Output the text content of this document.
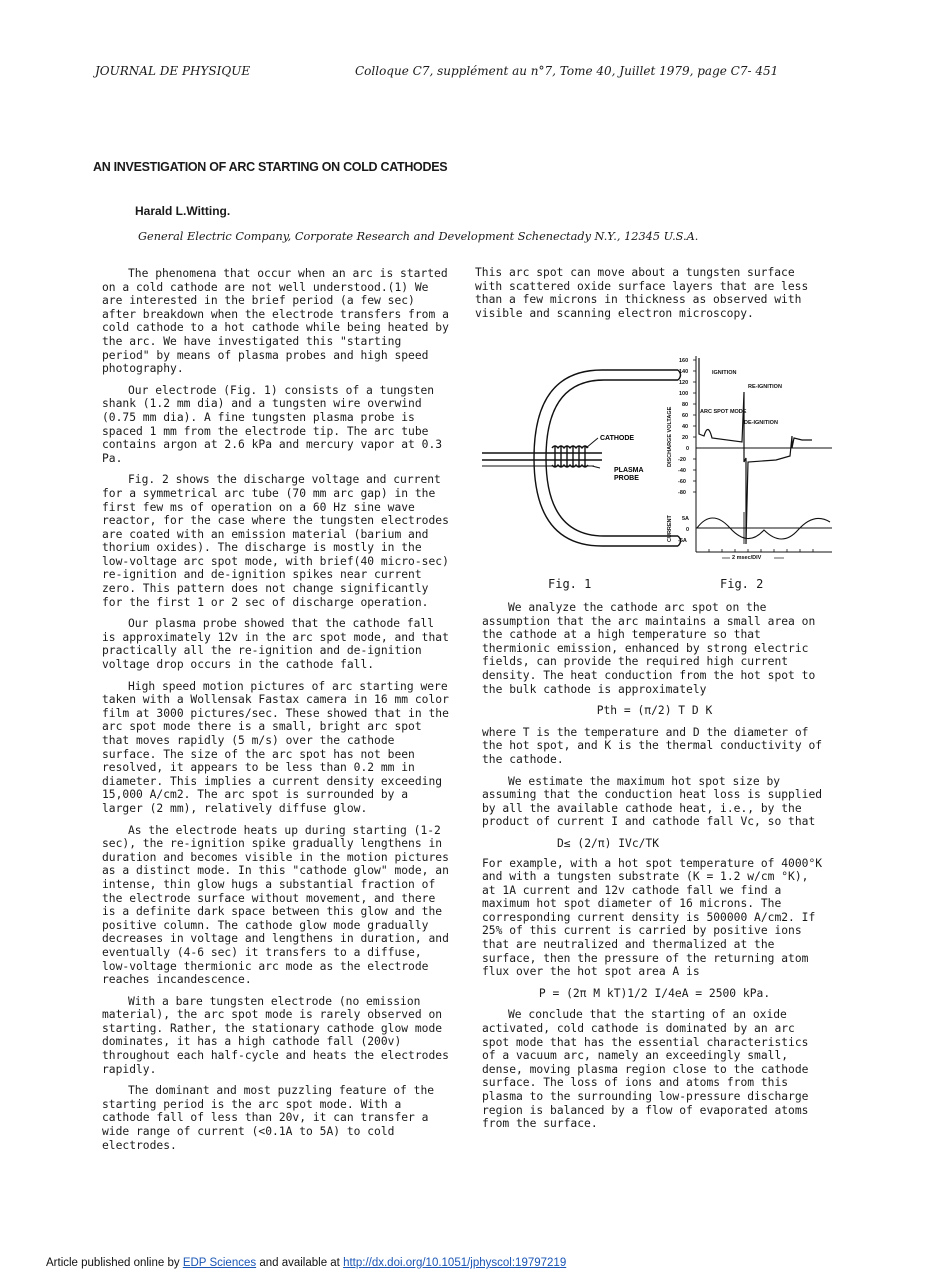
JOURNAL DE PHYSIQUE	Colloque C7, supplément au n°7, Tome 40, Juillet 1979, page C7- 451
AN INVESTIGATION OF ARC STARTING ON COLD CATHODES
Harald L.Witting.
General Electric Company, Corporate Research and Development Schenectady N.Y., 12345 U.S.A.

The phenomena that occur when an arc is started on a cold cathode are not well understood.(1) We are interested in the brief period (a few sec) after breakdown when the electrode transfers from a cold cathode to a hot cathode while being heated by the arc. We have investigated this "starting period" by means of plasma probes and high speed photography.

Our electrode (Fig. 1) consists of a tungsten shank (1.2 mm dia) and a tungsten wire overwind (0.75 mm dia). A fine tungsten plasma probe is spaced 1 mm from the electrode tip. The arc tube contains argon at 2.6 kPa and mercury vapor at 0.3 Pa.

Fig. 2 shows the discharge voltage and current for a symmetrical arc tube (70 mm arc gap) in the first few ms of operation on a 60 Hz sine wave reactor, for the case where the tungsten electrodes are coated with an emission material (barium and thorium oxides). The discharge is mostly in the low-voltage arc spot mode, with brief(40 micro-sec) re-ignition and de-ignition spikes near current zero. This pattern does not change significantly for the first 1 or 2 sec of discharge operation.

Our plasma probe showed that the cathode fall is approximately 12v in the arc spot mode, and that practically all the re-ignition and de-ignition voltage drop occurs in the cathode fall.

High speed motion pictures of arc starting were taken with a Wollensak Fastax camera in 16 mm color film at 3000 pictures/sec. These showed that in the arc spot mode there is a small, bright arc spot that moves rapidly (5 m/s) over the cathode surface. The size of the arc spot has not been resolved, it appears to be less than 0.2 mm in diameter. This implies a current density exceeding 15,000 A/cm2. The arc spot is surrounded by a larger (2 mm), relatively diffuse glow.

As the electrode heats up during starting (1-2 sec), the re-ignition spike gradually lengthens in duration and becomes visible in the motion pictures as a distinct mode. In this "cathode glow" mode, an intense, thin glow hugs a substantial fraction of the electrode surface without movement, and there is a definite dark space between this glow and the positive column. The cathode glow mode gradually decreases in voltage and lengthens in duration, and eventually (4-6 sec) it transfers to a diffuse, low-voltage thermionic arc mode as the electrode reaches incandescence.

With a bare tungsten electrode (no emission material), the arc spot mode is rarely observed on starting. Rather, the stationary cathode glow mode dominates, it has a high cathode fall (200v) throughout each half-cycle and heats the electrodes rapidly.

The dominant and most puzzling feature of the starting period is the arc spot mode. With a cathode fall of less than 20v, it can transfer a wide range of current (<0.1A to 5A) to cold electrodes.

This arc spot can move about a tungsten surface with scattered oxide surface layers that are less than a few microns in thickness as observed with visible and scanning electron microscopy.

CATHODE
PLASMA
PROBE
160
140
120
100
80
60
40
20
0
-20
-40
-60
-80
5A
0
-5A
IGNITION
RE-IGNITION
ARC SPOT MODE
DE-IGNITION
2 msec/DIV
DISCHARGE VOLTAGE
CURRENT
Fig. 1	Fig. 2

We analyze the cathode arc spot on the assumption that the arc maintains a small area on the cathode at a high temperature so that thermionic emission, enhanced by strong electric fields, can provide the required high current density. The heat conduction from the hot spot to the bulk cathode is approximately

Pth = (π/2) T D K

where T is the temperature and D the diameter of the hot spot, and K is the thermal conductivity of the cathode.

We estimate the maximum hot spot size by assuming that the conduction heat loss is supplied by all the available cathode heat, i.e., by the product of current I and cathode fall Vc, so that

D≤ (2/π) IVc/TK

For example, with a hot spot temperature of 4000°K and with a tungsten substrate (K = 1.2 w/cm °K), at 1A current and 12v cathode fall we find a maximum hot spot diameter of 16 microns. The corresponding current density is 500000 A/cm2. If 25% of this current is carried by positive ions that are neutralized and thermalized at the surface, then the pressure of the returning atom flux over the hot spot area A is

P = (2π M kT)1/2 I/4eA = 2500 kPa.

We conclude that the starting of an oxide activated, cold cathode is dominated by an arc spot mode that has the essential characteristics of a vacuum arc, namely an exceedingly small, dense, moving plasma region close to the cathode surface. The loss of ions and atoms from this plasma to the surrounding low-pressure discharge region is balanced by a flow of evaporated atoms from the surface.

Article published online by EDP Sciences and available at http://dx.doi.org/10.1051/jphyscol:19797219
